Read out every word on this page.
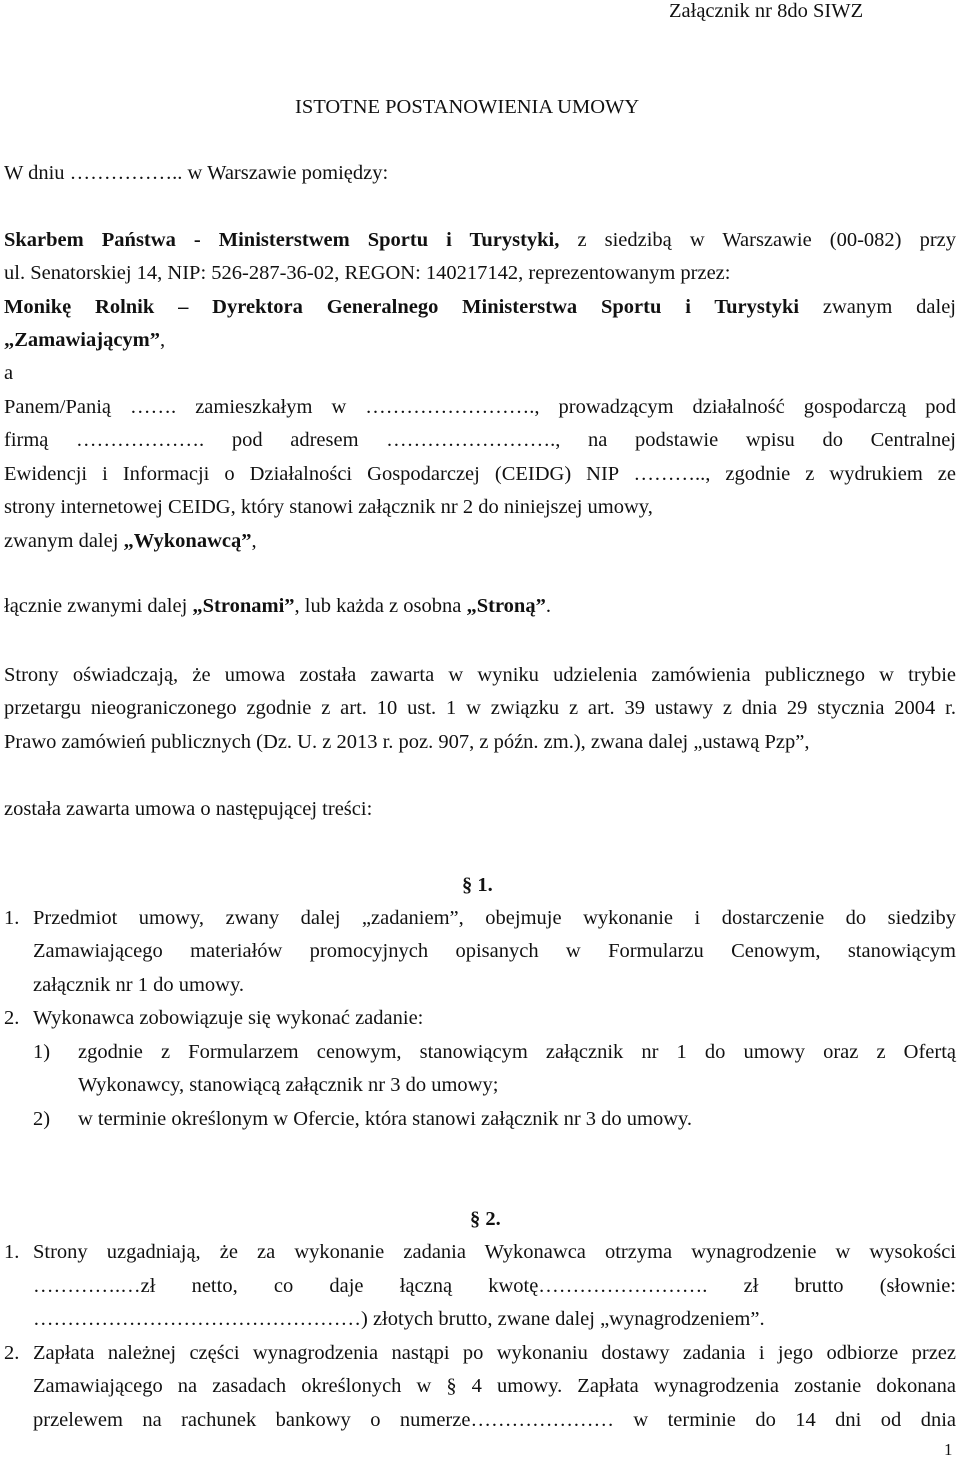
Załącznik nr 8do SIWZ
ISTOTNE POSTANOWIENIA UMOWY
W dniu …………….. w Warszawie pomiędzy:
Skarbem Państwa - Ministerstwem Sportu i Turystyki, z siedzibą w Warszawie (00-082) przy
ul. Senatorskiej 14, NIP: 526-287-36-02, REGON: 140217142, reprezentowanym przez:
Monikę Rolnik – Dyrektora Generalnego Ministerstwa Sportu i Turystyki zwanym dalej
„Zamawiającym”,
a
Panem/Panią ……. zamieszkałym w ……………………., prowadzącym działalność gospodarczą pod
firmą ………………. pod adresem ……………………., na podstawie wpisu do Centralnej
Ewidencji i Informacji o Działalności Gospodarczej (CEIDG) NIP ……….., zgodnie z wydrukiem ze
strony internetowej CEIDG, który stanowi załącznik nr 2 do niniejszej umowy,
zwanym dalej „Wykonawcą”,
łącznie zwanymi dalej „Stronami”, lub każda z osobna „Stroną”.
Strony oświadczają, że umowa została zawarta w wyniku udzielenia zamówienia publicznego w trybie
przetargu nieograniczonego zgodnie z art. 10 ust. 1 w związku z art. 39 ustawy z dnia 29 stycznia 2004 r.
Prawo zamówień publicznych (Dz. U. z 2013 r. poz. 907, z późn. zm.), zwana dalej „ustawą Pzp”,
została zawarta umowa o następującej treści:
§ 1.
1. Przedmiot umowy, zwany dalej „zadaniem”, obejmuje wykonanie i dostarczenie do siedziby
Zamawiającego materiałów promocyjnych opisanych w Formularzu Cenowym, stanowiącym
załącznik nr 1 do umowy.
2. Wykonawca zobowiązuje się wykonać zadanie:
1) zgodnie z Formularzem cenowym, stanowiącym załącznik nr 1 do umowy oraz z Ofertą
Wykonawcy, stanowiącą załącznik nr 3 do umowy;
2) w terminie określonym w Ofercie, która stanowi załącznik nr 3 do umowy.
§ 2.
1. Strony uzgadniają, że za wykonanie zadania Wykonawca otrzyma wynagrodzenie w wysokości
………….…zł netto, co daje łączną kwotę……………………. zł brutto (słownie:
…………………………………………) złotych brutto, zwane dalej „wynagrodzeniem”.
2. Zapłata należnej części wynagrodzenia nastąpi po wykonaniu dostawy zadania i jego odbiorze przez
Zamawiającego na zasadach określonych w § 4 umowy. Zapłata wynagrodzenia zostanie dokonana
przelewem na rachunek bankowy o numerze………………… w terminie do 14 dni od dnia
1
